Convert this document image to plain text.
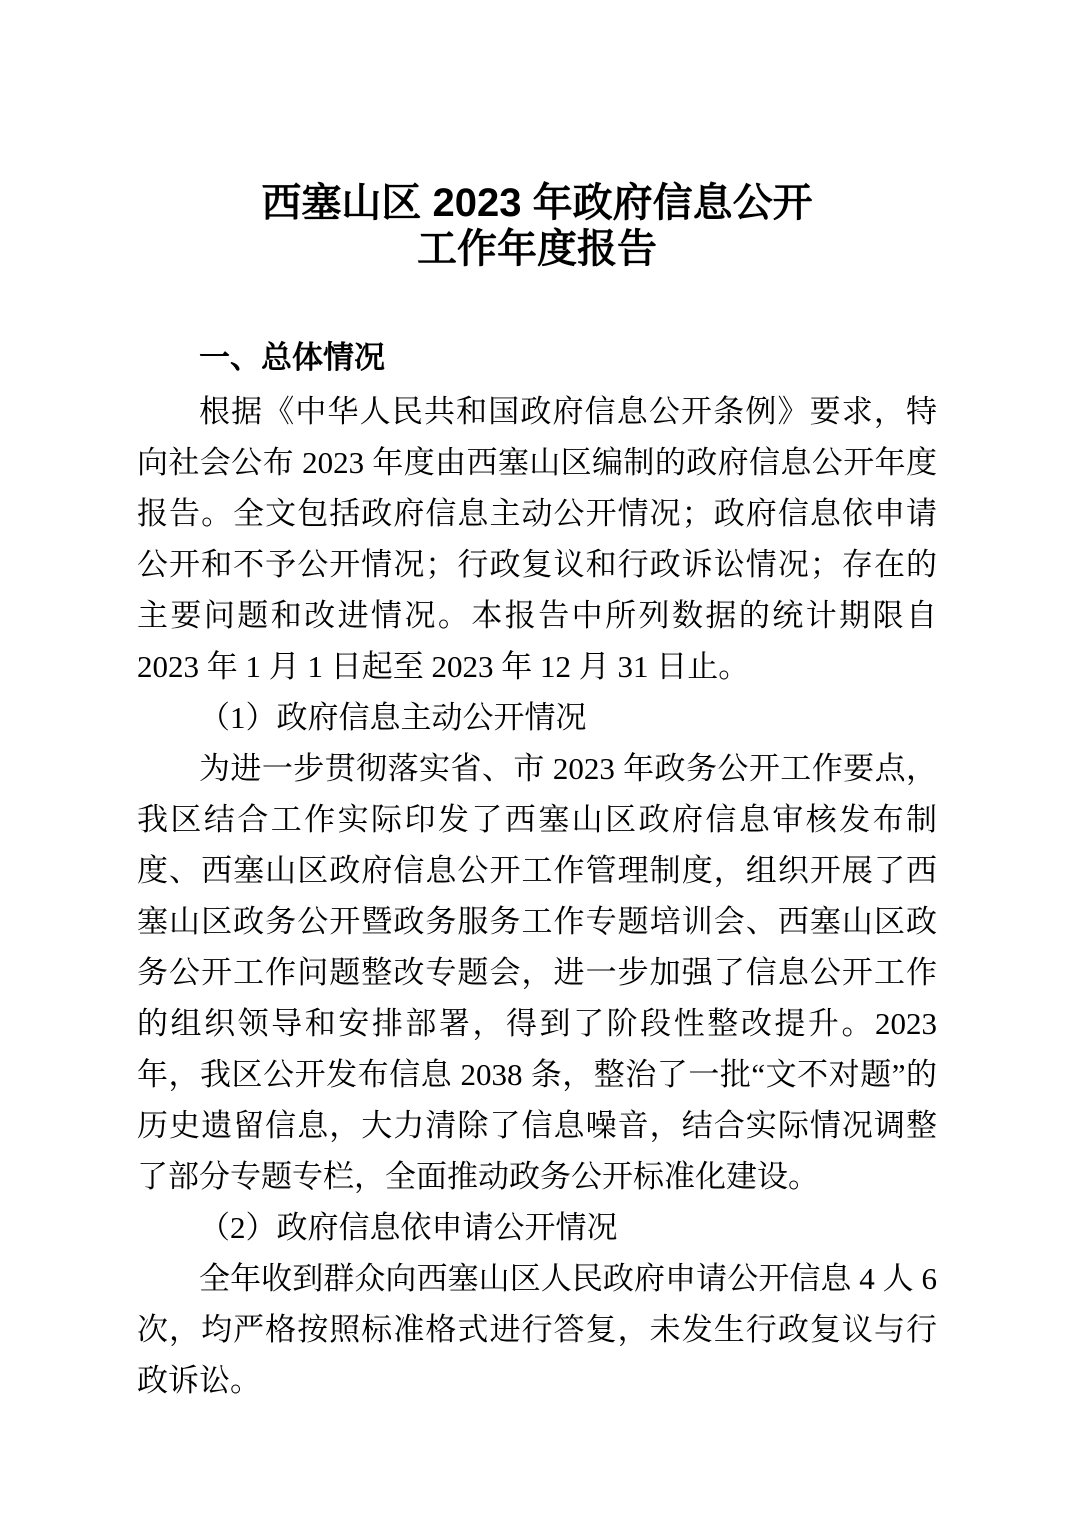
西塞山区 2023 年政府信息公开
工作年度报告
一、总体情况

根据《中华人民共和国政府信息公开条例》要求，特向社会公布 2023 年度由西塞山区编制的政府信息公开年度报告。全文包括政府信息主动公开情况；政府信息依申请公开和不予公开情况；行政复议和行政诉讼情况；存在的主要问题和改进情况。本报告中所列数据的统计期限自 2023 年 1 月 1 日起至 2023 年 12 月 31 日止。

（1）政府信息主动公开情况

为进一步贯彻落实省、市 2023 年政务公开工作要点，我区结合工作实际印发了西塞山区政府信息审核发布制度、西塞山区政府信息公开工作管理制度，组织开展了西塞山区政务公开暨政务服务工作专题培训会、西塞山区政务公开工作问题整改专题会，进一步加强了信息公开工作的组织领导和安排部署，得到了阶段性整改提升。2023 年，我区公开发布信息 2038 条，整治了一批“文不对题”的历史遗留信息，大力清除了信息噪音，结合实际情况调整了部分专题专栏，全面推动政务公开标准化建设。

（2）政府信息依申请公开情况

全年收到群众向西塞山区人民政府申请公开信息 4 人 6 次，均严格按照标准格式进行答复，未发生行政复议与行政诉讼。
